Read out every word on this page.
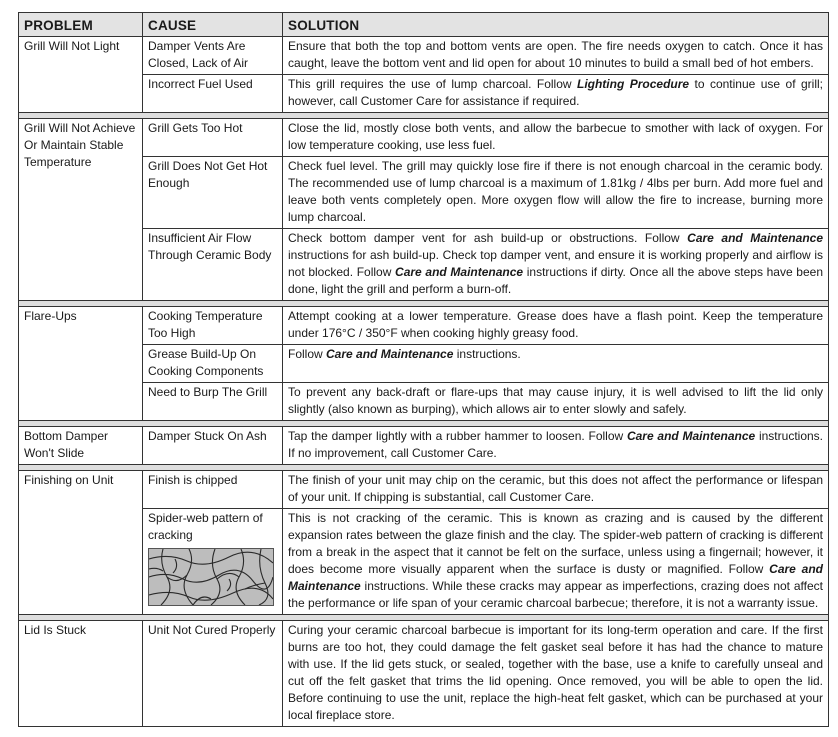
PROBLEM	CAUSE	SOLUTION
Grill Will Not Light	Damper Vents Are Closed, Lack of Air	Ensure that both the top and bottom vents are open. The fire needs oxygen to catch. Once it has caught, leave the bottom vent and lid open for about 10 minutes to build a small bed of hot embers.
	Incorrect Fuel Used	This grill requires the use of lump charcoal. Follow Lighting Procedure to continue use of grill; however, call Customer Care for assistance if required.

Grill Will Not Achieve Or Maintain Stable Temperature	Grill Gets Too Hot	Close the lid, mostly close both vents, and allow the barbecue to smother with lack of oxygen. For low temperature cooking, use less fuel.
	Grill Does Not Get Hot Enough	Check fuel level. The grill may quickly lose fire if there is not enough charcoal in the ceramic body. The recommended use of lump charcoal is a maximum of 1.81kg / 4lbs per burn. Add more fuel and leave both vents completely open. More oxygen flow will allow the fire to increase, burning more lump charcoal.
	Insufficient Air Flow Through Ceramic Body	Check bottom damper vent for ash build-up or obstructions. Follow Care and Maintenance instructions for ash build-up. Check top damper vent, and ensure it is working properly and airflow is not blocked. Follow Care and Maintenance instructions if dirty. Once all the above steps have been done, light the grill and perform a burn-off.

Flare-Ups	Cooking Temperature Too High	Attempt cooking at a lower temperature. Grease does have a flash point. Keep the temperature under 176°C / 350°F when cooking highly greasy food.
	Grease Build-Up On Cooking Components	Follow Care and Maintenance instructions.
	Need to Burp The Grill	To prevent any back-draft or flare-ups that may cause injury, it is well advised to lift the lid only slightly (also known as burping), which allows air to enter slowly and safely.

Bottom Damper Won't Slide	Damper Stuck On Ash	Tap the damper lightly with a rubber hammer to loosen. Follow Care and Maintenance instructions. If no improvement, call Customer Care.

Finishing on Unit	Finish is chipped	The finish of your unit may chip on the ceramic, but this does not affect the performance or lifespan of your unit. If chipping is substantial, call Customer Care.
	Spider-web pattern of cracking	This is not cracking of the ceramic. This is known as crazing and is caused by the different expansion rates between the glaze finish and the clay. The spider-web pattern of cracking is different from a break in the aspect that it cannot be felt on the surface, unless using a fingernail; however, it does become more visually apparent when the surface is dusty or magnified. Follow Care and Maintenance instructions. While these cracks may appear as imperfections, crazing does not affect the performance or life span of your ceramic charcoal barbecue; therefore, it is not a warranty issue.

Lid Is Stuck	Unit Not Cured Properly	Curing your ceramic charcoal barbecue is important for its long-term operation and care. If the first burns are too hot, they could damage the felt gasket seal before it has had the chance to mature with use. If the lid gets stuck, or sealed, together with the base, use a knife to carefully unseal and cut off the felt gasket that trims the lid opening. Once removed, you will be able to open the lid. Before continuing to use the unit, replace the high-heat felt gasket, which can be purchased at your local fireplace store.
